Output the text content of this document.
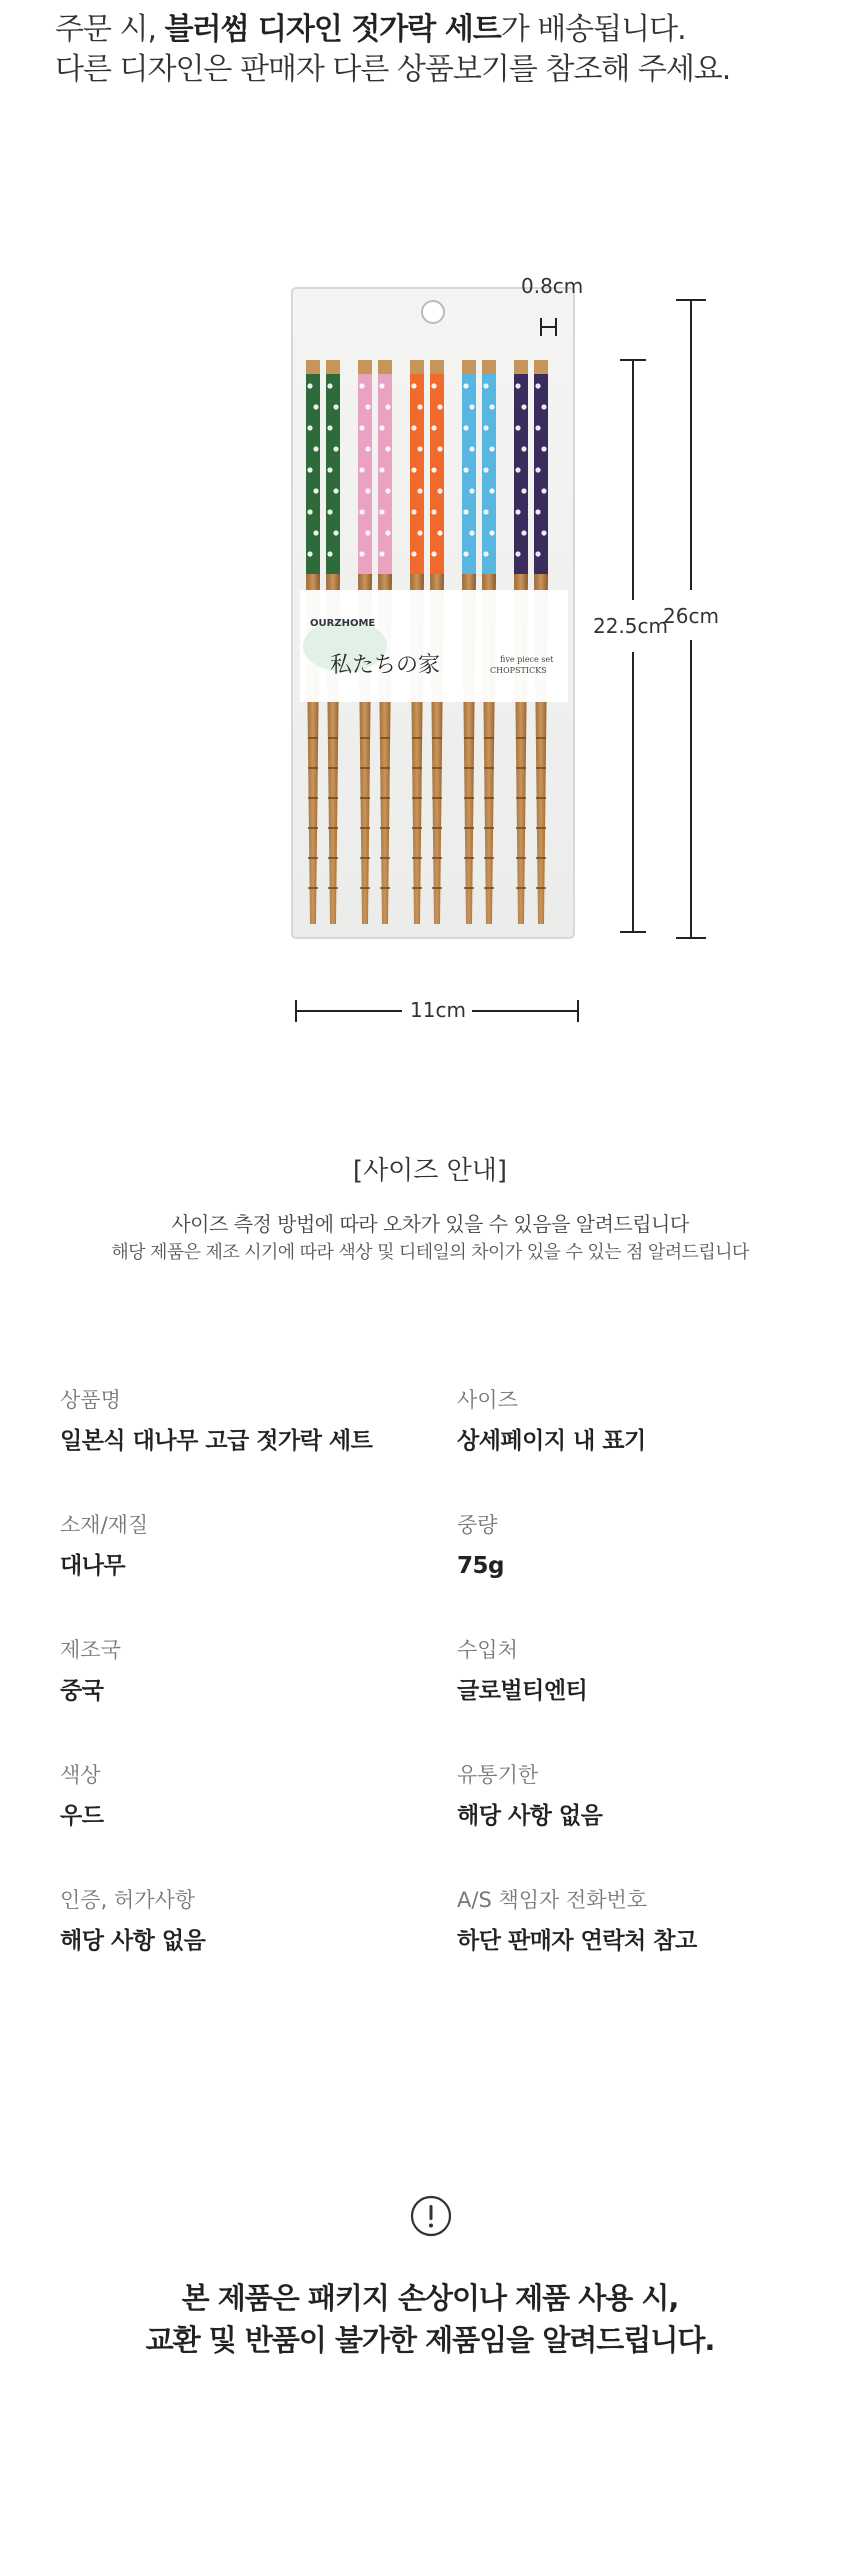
주문 시, 블러썸 디자인 젓가락 세트가 배송됩니다.

다른 디자인은 판매자 다른 상품보기를 참조해 주세요.

OURZHOME
私たちの家	five piece set
CHOPSTICKS
0.8cm
22.5cm
26cm
11cm

[사이즈 안내]

사이즈 측정 방법에 따라 오차가 있을 수 있음을 알려드립니다

해당 제품은 제조 시기에 따라 색상 및 디테일의 차이가 있을 수 있는 점 알려드립니다

상품명
일본식 대나무 고급 젓가락 세트
사이즈
상세페이지 내 표기
소재/재질
대나무
중량
75g
제조국
중국
수입처
글로벌티엔티
색상
우드
유통기한
해당 사항 없음
인증, 허가사항
해당 사항 없음
A/S 책임자 전화번호
하단 판매자 연락처 참고

본 제품은 패키지 손상이나 제품 사용 시,

교환 및 반품이 불가한 제품임을 알려드립니다.
